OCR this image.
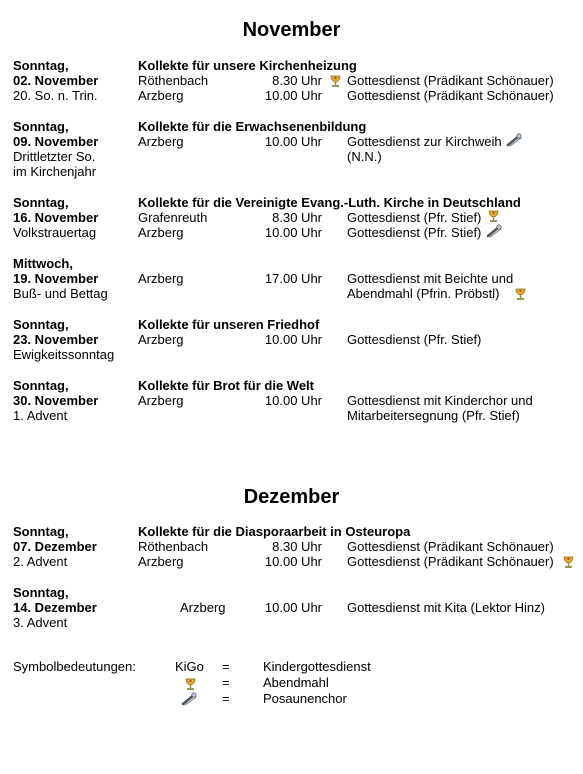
November
Sonntag,
02. November
20. So. n. Trin.
Kollekte für unsere Kirchenheizung
Röthenbach	8.30 Uhr Gottesdienst (Prädikant Schönauer)
Arzberg	10.00 Uhr Gottesdienst (Prädikant Schönauer)
Sonntag,
09. November
Drittletzter So.
im Kirchenjahr
Kollekte für die Erwachsenenbildung
Arzberg	10.00 Uhr Gottesdienst zur Kirchweih
(N.N.)
Sonntag,
16. November
Volkstrauertag
Kollekte für die Vereinigte Evang.-Luth. Kirche in Deutschland
Grafenreuth	8.30 Uhr Gottesdienst (Pfr. Stief)
Arzberg	10.00 Uhr Gottesdienst (Pfr. Stief)
Mittwoch,
19. November
Buß- und Bettag
Arzberg	17.00 Uhr Gottesdienst mit Beichte und
Abendmahl (Pfrin. Pröbstl)
Sonntag,
23. November
Ewigkeitssonntag
Kollekte für unseren Friedhof
Arzberg	10.00 Uhr Gottesdienst (Pfr. Stief)
Sonntag,
30. November
1. Advent
Kollekte für Brot für die Welt
Arzberg	10.00 Uhr Gottesdienst mit Kinderchor und
Mitarbeitersegnung (Pfr. Stief)
Dezember
Sonntag,
07. Dezember
2. Advent
Kollekte für die Diasporaarbeit in Osteuropa
Röthenbach	8.30 Uhr Gottesdienst (Prädikant Schönauer)
Arzberg	10.00 Uhr Gottesdienst (Prädikant Schönauer)
Sonntag,
14. Dezember
3. Advent
Arzberg	10.00 Uhr Gottesdienst mit Kita (Lektor Hinz)
Symbolbedeutungen:	KiGo =	Kindergottesdienst
=	Abendmahl
=	Posaunenchor
